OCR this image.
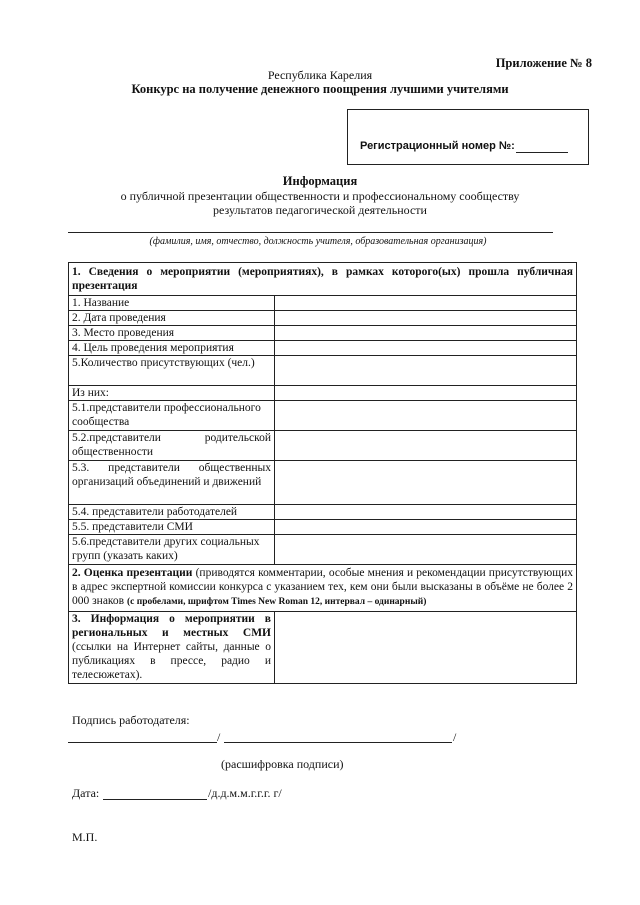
Приложение № 8
Республика Карелия
Конкурс на получение денежного поощрения лучшими учителями
Регистрационный номер №:
Информация
о публичной презентации общественности и профессиональному сообществу
результатов педагогической деятельности
(фамилия, имя, отчество, должность учителя, образовательная организация)
1. Сведения о мероприятии (мероприятиях), в рамках которого(ых) прошла публичная презентация	
1. Название	
2. Дата проведения	
3. Место проведения	
4. Цель проведения мероприятия	
5.Количество присутствующих (чел.)	
Из них:	
5.1.представители профессионального сообщества	
5.2.представители родительской общественности	
5.3. представители общественных организаций объединений и движений	
5.4. представители работодателей	
5.5. представители СМИ	
5.6.представители других социальных групп (указать каких)	
2. Оценка презентации (приводятся комментарии, особые мнения и рекомендации присутствующих в адрес экспертной комиссии конкурса с указанием тех, кем они были высказаны в объёме не более 2 000 знаков (с пробелами, шрифтом Times New Roman 12, интервал – одинарный)	
3. Информация о мероприятии в региональных и местных СМИ (ссылки на Интернет сайты, данные о публикациях в прессе, радио и телесюжетах).	
Подпись работодателя:
/	/
(расшифровка подписи)
Дата:	/д.д.м.м.г.г.г. г/
М.П.
